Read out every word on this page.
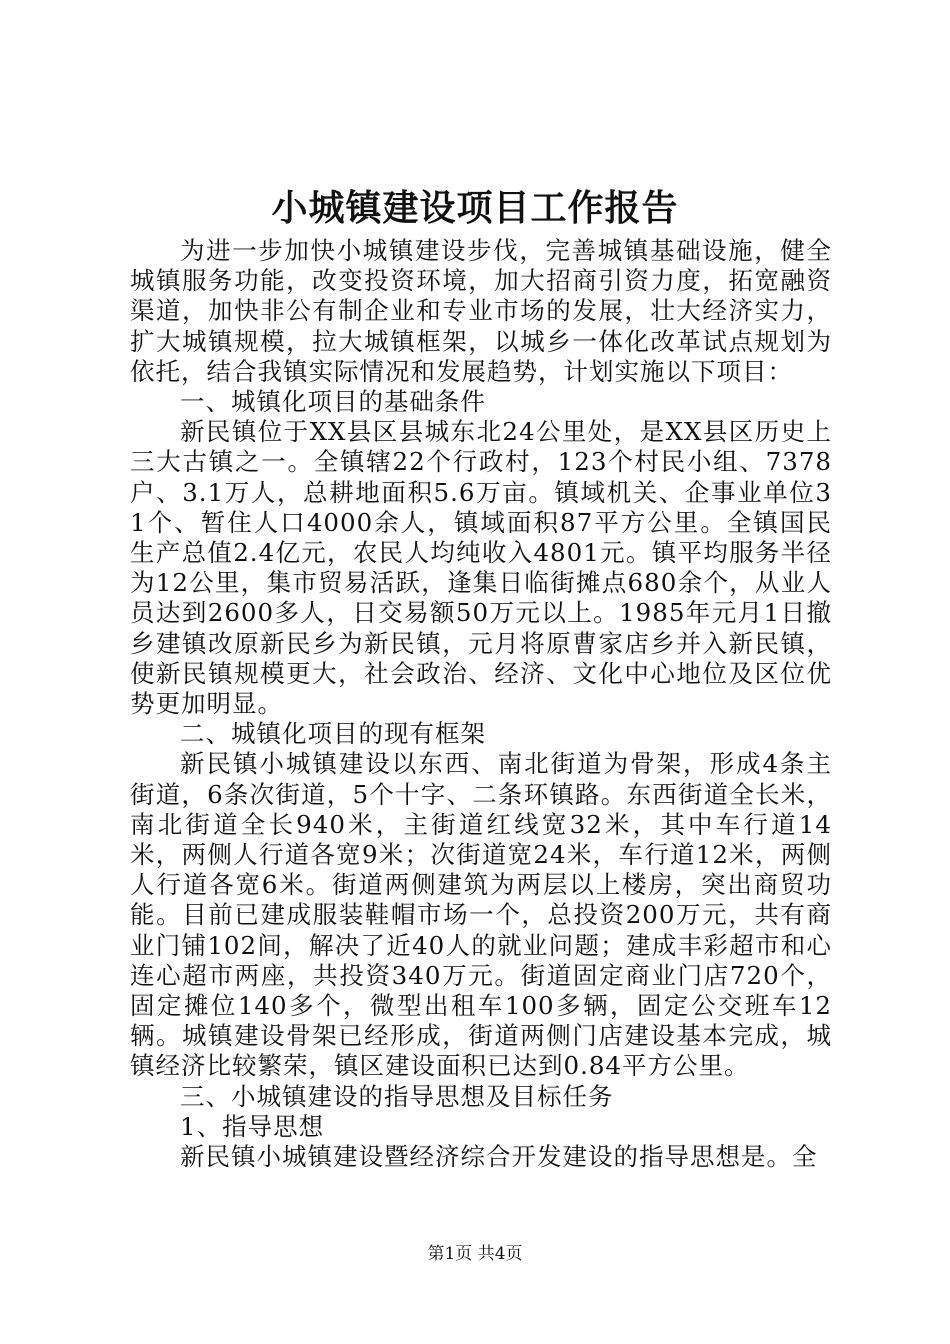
小城镇建设项目工作报告

为进一步加快小城镇建设步伐，完善城镇基础设施，健全城镇服务功能，改变投资环境，加大招商引资力度，拓宽融资渠道，加快非公有制企业和专业市场的发展，壮大经济实力，扩大城镇规模，拉大城镇框架，以城乡一体化改革试点规划为依托，结合我镇实际情况和发展趋势，计划实施以下项目：

一、城镇化项目的基础条件

新民镇位于XX县区县城东北24公里处，是XX县区历史上三大古镇之一。全镇辖22个行政村，123个村民小组、7378户、3.1万人，总耕地面积5.6万亩。镇域机关、企事业单位31个、暂住人口4000余人，镇域面积87平方公里。全镇国民生产总值2.4亿元，农民人均纯收入4801元。镇平均服务半径为12公里，集市贸易活跃，逢集日临街摊点680余个，从业人员达到2600多人，日交易额50万元以上。1985年元月1日撤乡建镇改原新民乡为新民镇，元月将原曹家店乡并入新民镇，使新民镇规模更大，社会政治、经济、文化中心地位及区位优势更加明显。

二、城镇化项目的现有框架

新民镇小城镇建设以东西、南北街道为骨架，形成4条主街道，6条次街道，5个十字、二条环镇路。东西街道全长米，南北街道全长940米，主街道红线宽32米，其中车行道14米，两侧人行道各宽9米；次街道宽24米，车行道12米，两侧人行道各宽6米。街道两侧建筑为两层以上楼房，突出商贸功能。目前已建成服装鞋帽市场一个，总投资200万元，共有商业门铺102间，解决了近40人的就业问题；建成丰彩超市和心连心超市两座，共投资340万元。街道固定商业门店720个，固定摊位140多个，微型出租车100多辆，固定公交班车12辆。城镇建设骨架已经形成，街道两侧门店建设基本完成，城镇经济比较繁荣，镇区建设面积已达到0.84平方公里。

三、小城镇建设的指导思想及目标任务

1、指导思想

新民镇小城镇建设暨经济综合开发建设的指导思想是。全

第1页 共4页
